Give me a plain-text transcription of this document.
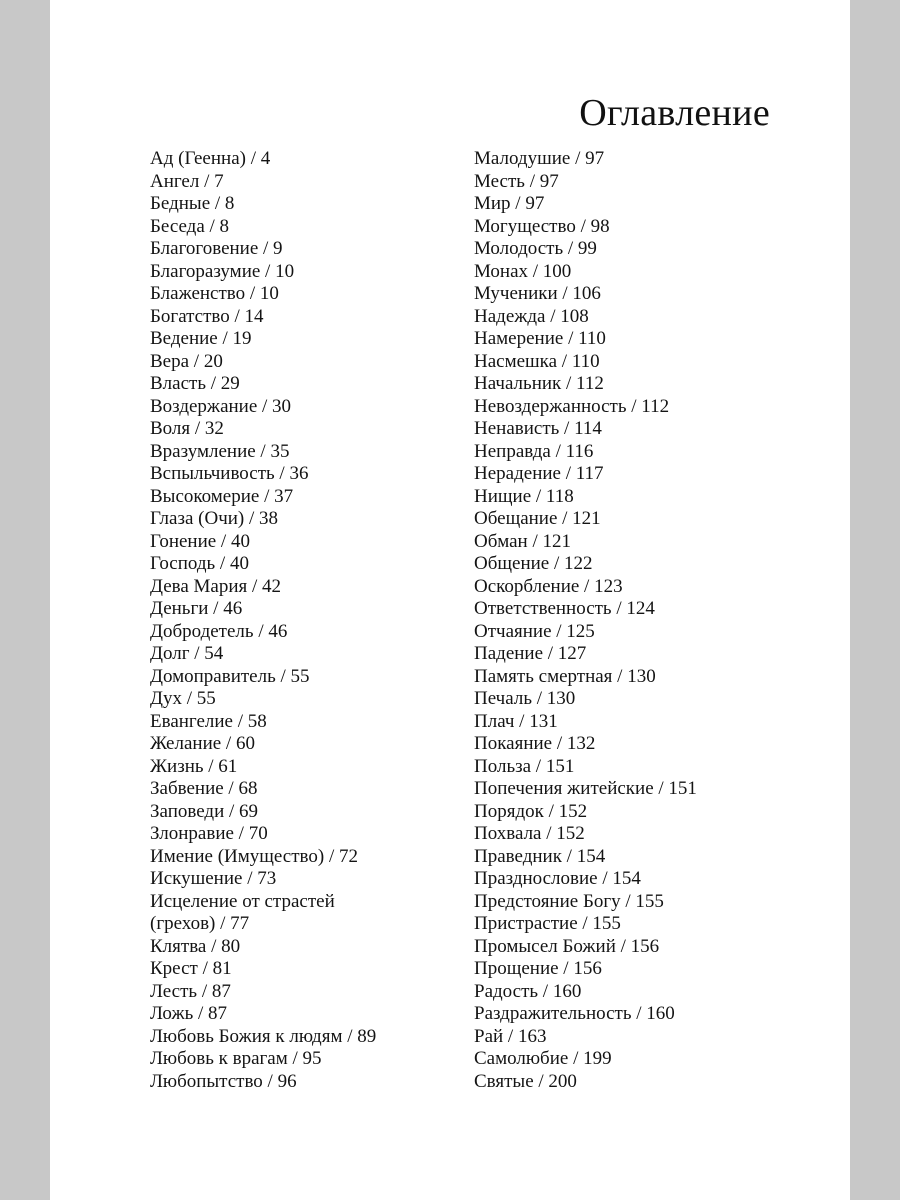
Оглавление
Ад (Геенна) / 4
Ангел / 7
Бедные / 8
Беседа / 8
Благоговение / 9
Благоразумие / 10
Блаженство / 10
Богатство / 14
Ведение / 19
Вера / 20
Власть / 29
Воздержание / 30
Воля / 32
Вразумление / 35
Вспыльчивость / 36
Высокомерие / 37
Глаза (Очи) / 38
Гонение / 40
Господь / 40
Дева Мария / 42
Деньги / 46
Добродетель / 46
Долг / 54
Домоправитель / 55
Дух / 55
Евангелие / 58
Желание / 60
Жизнь / 61
Забвение / 68
Заповеди / 69
Злонравие / 70
Имение (Имущество) / 72
Искушение / 73
Исцеление от страстей
(грехов) / 77
Клятва / 80
Крест / 81
Лесть / 87
Ложь / 87
Любовь Божия к людям / 89
Любовь к врагам / 95
Любопытство / 96
Малодушие / 97
Месть / 97
Мир / 97
Могущество / 98
Молодость / 99
Монах / 100
Мученики / 106
Надежда / 108
Намерение / 110
Насмешка / 110
Начальник / 112
Невоздержанность / 112
Ненависть / 114
Неправда / 116
Нерадение / 117
Нищие / 118
Обещание / 121
Обман / 121
Общение / 122
Оскорбление / 123
Ответственность / 124
Отчаяние / 125
Падение / 127
Память смертная / 130
Печаль / 130
Плач / 131
Покаяние / 132
Польза / 151
Попечения житейские / 151
Порядок / 152
Похвала / 152
Праведник / 154
Празднословие / 154
Предстояние Богу / 155
Пристрастие / 155
Промысел Божий / 156
Прощение / 156
Радость / 160
Раздражительность / 160
Рай / 163
Самолюбие / 199
Святые / 200
